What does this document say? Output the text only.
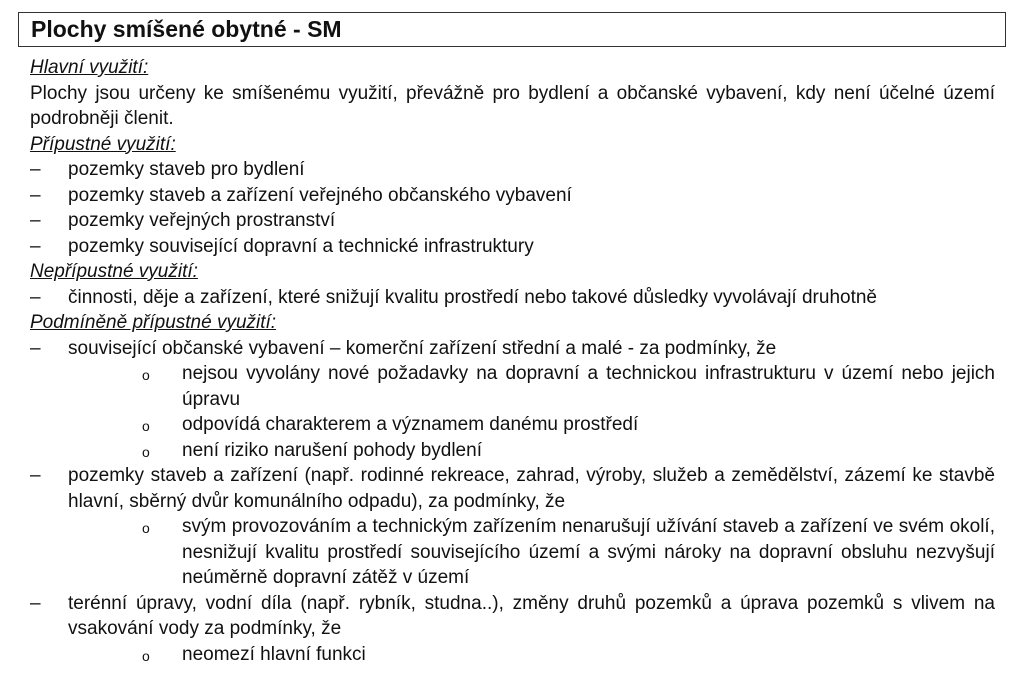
Plochy smíšené obytné - SM
Hlavní využití:
Plochy jsou určeny ke smíšenému využití, převážně pro bydlení a občanské vybavení, kdy není účelné území podrobněji členit.
Přípustné využití:
–	pozemky staveb pro bydlení
–	pozemky staveb a zařízení veřejného občanského vybavení
–	pozemky veřejných prostranství
–	pozemky související dopravní a technické infrastruktury
Nepřípustné využití:
–	činnosti, děje a zařízení, které snižují kvalitu prostředí nebo takové důsledky vyvolávají druhotně
Podmíněně přípustné využití:
–	související občanské vybavení – komerční zařízení střední a malé - za podmínky, že
o	nejsou vyvolány nové požadavky na dopravní a technickou infrastrukturu v území nebo jejich úpravu
o	odpovídá charakterem a významem danému prostředí
o	není riziko narušení pohody bydlení
–	pozemky staveb a zařízení (např. rodinné rekreace, zahrad, výroby, služeb a zemědělství, zázemí ke stavbě hlavní, sběrný dvůr komunálního odpadu), za podmínky, že
o	svým provozováním a technickým zařízením nenarušují užívání staveb a zařízení ve svém okolí, nesnižují kvalitu prostředí souvisejícího území a svými nároky na dopravní obsluhu nezvyšují neúměrně dopravní zátěž v území
–	terénní úpravy, vodní díla (např. rybník, studna..), změny druhů pozemků a úprava pozemků s vlivem na vsakování vody za podmínky, že
o	neomezí hlavní funkci
